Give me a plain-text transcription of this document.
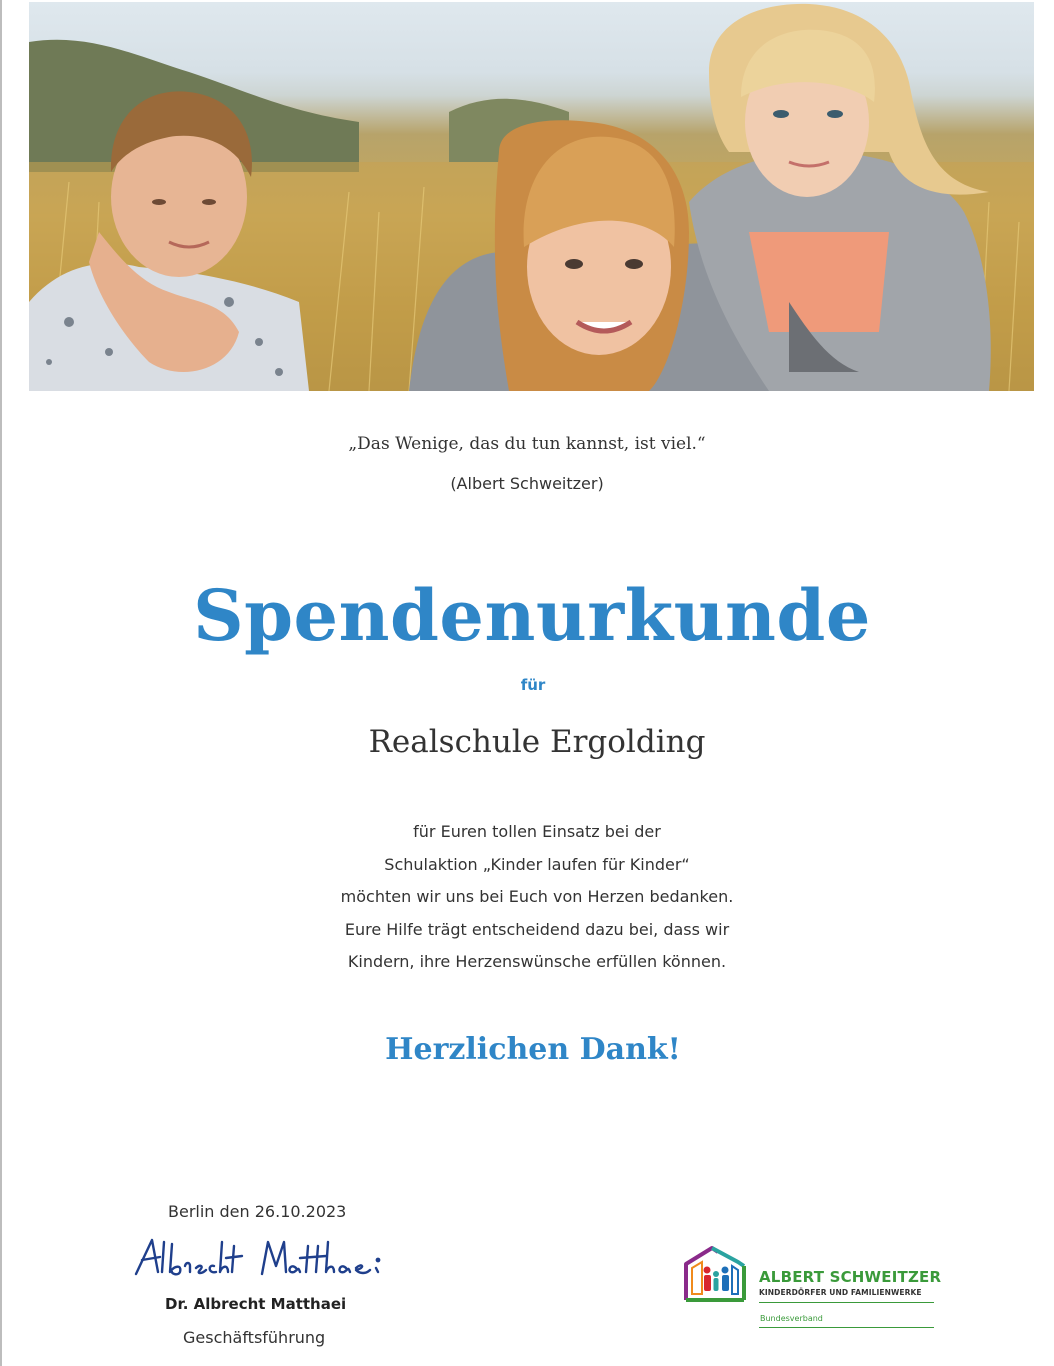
„Das Wenige, das du tun kannst, ist viel.“
(Albert Schweitzer)
Spendenurkunde
für
Realschule Ergolding
für Euren tollen Einsatz bei der
Schulaktion „Kinder laufen für Kinder“
möchten wir uns bei Euch von Herzen bedanken.
Eure Hilfe trägt entscheidend dazu bei, dass wir
Kindern, ihre Herzenswünsche erfüllen können.
Herzlichen Dank!
Berlin den 26.10.2023
Dr. Albrecht Matthaei
Geschäftsführung
ALBERT SCHWEITZER
KINDERDÖRFER UND FAMILIENWERKE
Bundesverband
